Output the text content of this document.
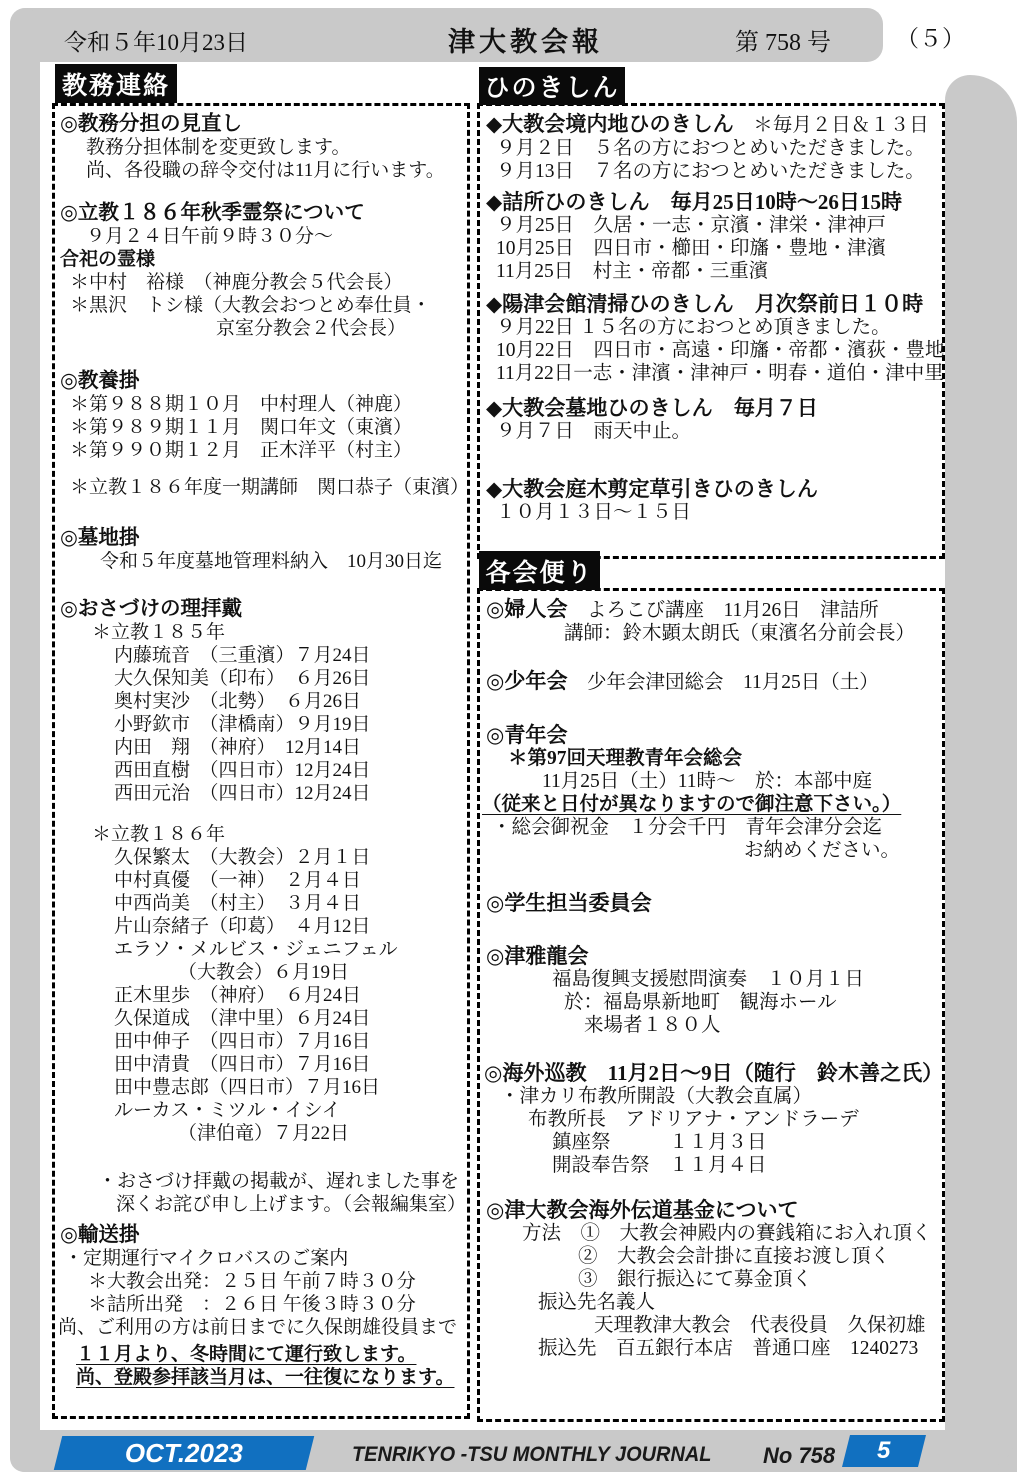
令和５年10月23日	津大教会報	第 758 号	（５）
教務連絡	ひのきしん
各会便り
◎教務分担の見直し
教務分担体制を変更致します。
尚、各役職の辞令交付は11月に行います。
◎立教１８６年秋季霊祭について
９月２４日午前９時３０分～
合祀の霊様
＊中村　裕様　（神鹿分教会５代会長）
＊黒沢　トシ様（大教会おつとめ奉仕員・
京室分教会２代会長）
◎教養掛
＊第９８８期１０月　中村理人（神鹿）
＊第９８９期１１月　関口年文（東濱）
＊第９９０期１２月　正木洋平（村主）
＊立教１８６年度一期講師　関口恭子（東濱）
◎墓地掛
令和５年度墓地管理料納入　10月30日迄
◎おさづけの理拝戴
＊立教１８５年
内藤琉音　（三重濱）７月24日
大久保知美（印布）　６月26日
奥村実沙　（北勢）　６月26日
小野欽市　（津橋南）９月19日
内田　翔　（神府）　12月14日
西田直樹　（四日市）12月24日
西田元治　（四日市）12月24日
＊立教１８６年
久保繁太　（大教会）２月１日
中村真優　（一神）　２月４日
中西尚美　（村主）　３月４日
片山奈緒子（印葛）　４月12日
エラソ・メルビス・ジェニフェル
（大教会）６月19日
正木里歩　（神府）　６月24日
久保道成　（津中里）６月24日
田中伸子　（四日市）７月16日
田中清貴　（四日市）７月16日
田中豊志郎（四日市）７月16日
ルーカス・ミツル・イシイ
（津伯竜）７月22日
・おさづけ拝戴の掲載が、遅れました事を
深くお詫び申し上げます。（会報編集室）
◎輸送掛
・定期運行マイクロバスのご案内
＊大教会出発：２５日 午前７時３０分
＊詰所出発　：２６日 午後３時３０分
尚、ご利用の方は前日までに久保朗雄役員まで
１１月より、冬時間にて運行致します。
尚、登殿参拝該当月は、一往復になります。
◆大教会境内地ひのきしん　＊毎月２日＆１３日
９月２日　５名の方におつとめいただきました。
９月13日　７名の方におつとめいただきました。
◆詰所ひのきしん　毎月25日10時～26日15時
９月25日　久居・一志・京濱・津栄・津神戸
10月25日　四日市・櫛田・印旛・豊地・津濱
11月25日　村主・帝都・三重濱
◆陽津会館清掃ひのきしん　月次祭前日１０時
９月22日 １５名の方におつとめ頂きました。
10月22日　四日市・高遠・印旛・帝都・濱荻・豊地
11月22日一志・津濱・津神戸・明春・道伯・津中里
◆大教会墓地ひのきしん　毎月７日
９月７日　雨天中止。
◆大教会庭木剪定草引きひのきしん
１０月１３日～１５日
◎婦人会　よろこび講座　11月26日　津詰所
講師：鈴木顕太朗氏（東濱名分前会長）
◎少年会　少年会津団総会　11月25日（土）
◎青年会
＊第97回天理教青年会総会
11月25日（土）11時～　於：本部中庭
（従来と日付が異なりますので御注意下さい。）
・総会御祝金　１分会千円　青年会津分会迄
お納めください。
◎学生担当委員会
◎津雅龍会
福島復興支援慰問演奏　１０月１日
於：福島県新地町　観海ホール
来場者１８０人
◎海外巡教　11月2日～9日（随行　鈴木善之氏）
・津カリ布教所開設（大教会直属）
布教所長　アドリアナ・アンドラーデ
鎮座祭　　　１１月３日
開設奉告祭　１１月４日
◎津大教会海外伝道基金について
方法　①　大教会神殿内の賽銭箱にお入れ頂く
②　大教会会計掛に直接お渡し頂く
③　銀行振込にて募金頂く
振込先名義人
天理教津大教会　代表役員　久保初雄
振込先　百五銀行本店　普通口座　1240273
OCT.2023	TENRIKYO -TSU MONTHLY JOURNAL No 758 5
